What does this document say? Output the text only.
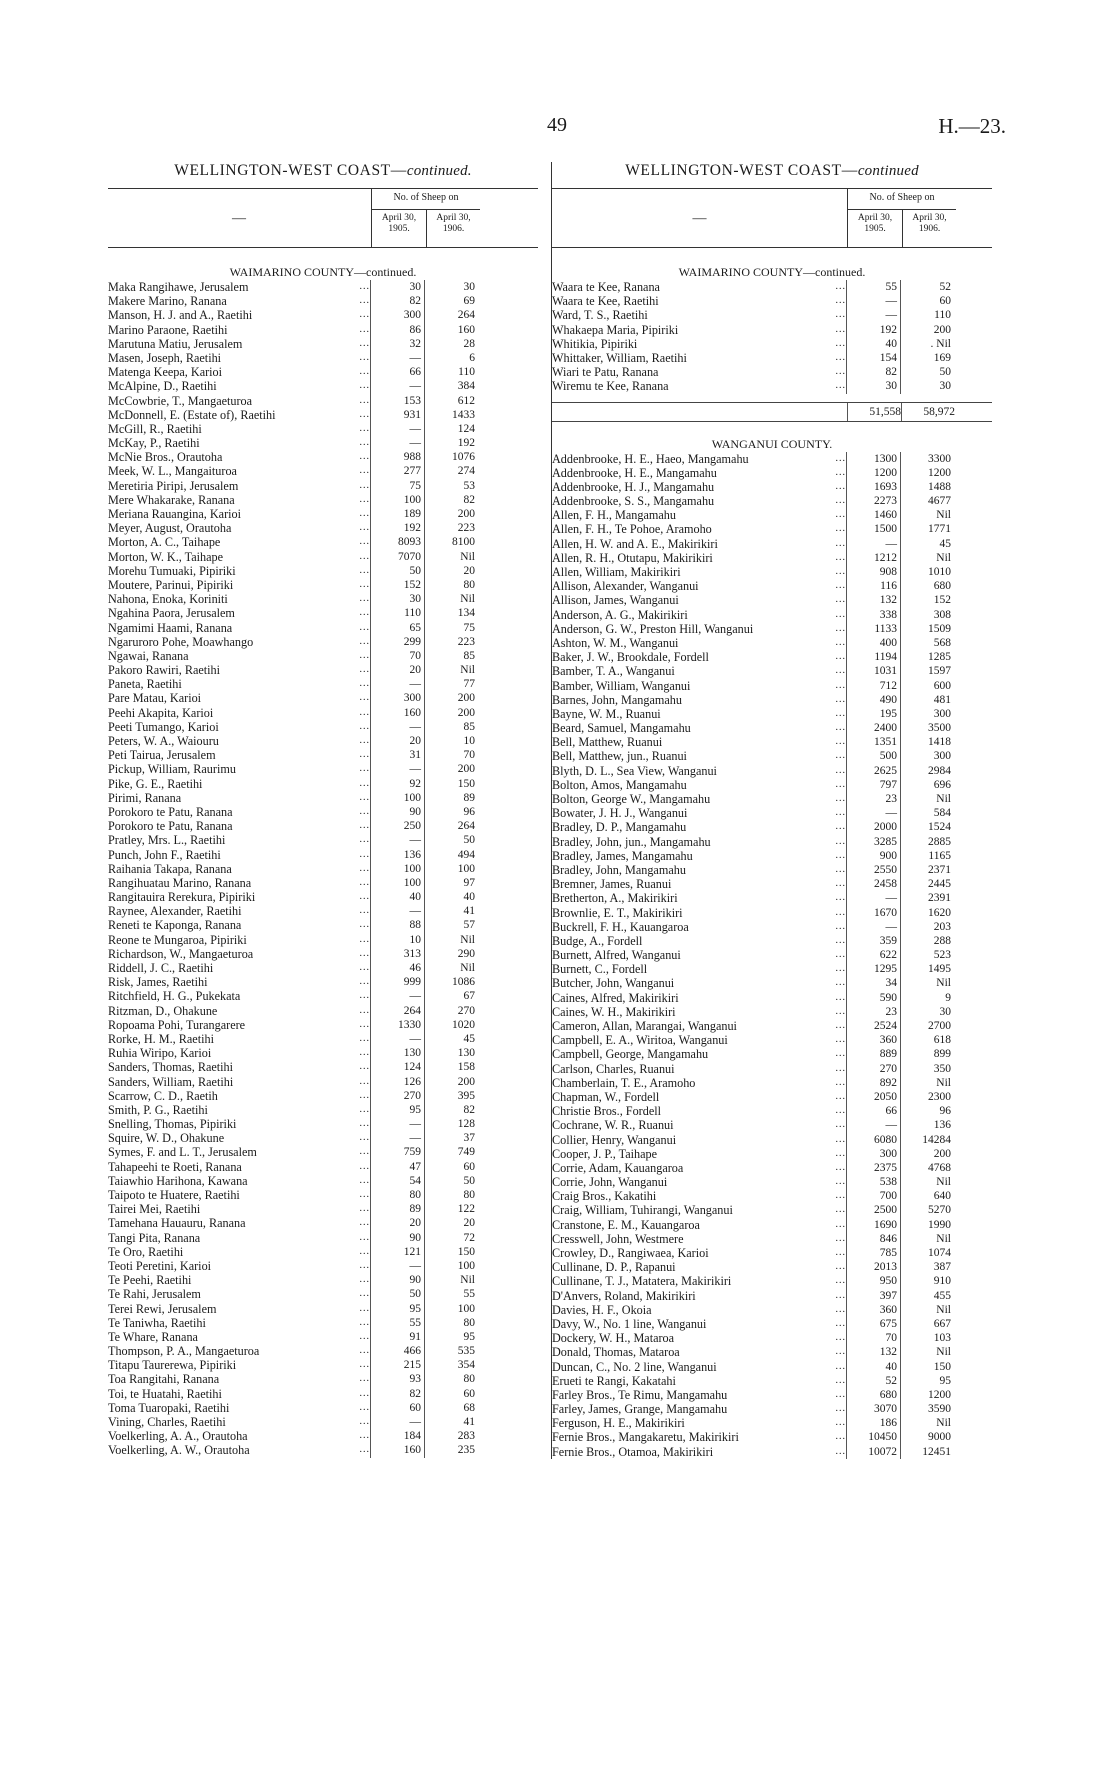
49	H.—23.
WELLINGTON-WEST COAST—continued.
—
No. of Sheep on
April 30, 1905.
April 30, 1906.
WAIMARINO COUNTY—continued.
Maka Rangihawe, Jerusalem	...	30	30
Makere Marino, Ranana	...	82	69
Manson, H. J. and A., Raetihi	...	300	264
Marino Paraone, Raetihi	...	86	160
Marutuna Matiu, Jerusalem	...	32	28
Masen, Joseph, Raetihi	...	—	6
Matenga Keepa, Karioi	...	66	110
McAlpine, D., Raetihi	...	—	384
McCowbrie, T., Mangaeturoa	...	153	612
McDonnell, E. (Estate of), Raetihi	...	931	1433
McGill, R., Raetihi	...	—	124
McKay, P., Raetihi	...	—	192
McNie Bros., Orautoha	...	988	1076
Meek, W. L., Mangaituroa	...	277	274
Meretiria Piripi, Jerusalem	...	75	53
Mere Whakarake, Ranana	...	100	82
Meriana Rauangina, Karioi	...	189	200
Meyer, August, Orautoha	...	192	223
Morton, A. C., Taihape	...	8093	8100
Morton, W. K., Taihape	...	7070	Nil
Morehu Tumuaki, Pipiriki	...	50	20
Moutere, Parinui, Pipiriki	...	152	80
Nahona, Enoka, Koriniti	...	30	Nil
Ngahina Paora, Jerusalem	...	110	134
Ngamimi Haami, Ranana	...	65	75
Ngaruroro Pohe, Moawhango	...	299	223
Ngawai, Ranana	...	70	85
Pakoro Rawiri, Raetihi	...	20	Nil
Paneta, Raetihi	...	—	77
Pare Matau, Karioi	...	300	200
Peehi Akapita, Karioi	...	160	200
Peeti Tumango, Karioi	...	—	85
Peters, W. A., Waiouru	...	20	10
Peti Tairua, Jerusalem	...	31	70
Pickup, William, Raurimu	...	—	200
Pike, G. E., Raetihi	...	92	150
Pirimi, Ranana	...	100	89
Porokoro te Patu, Ranana	...	90	96
Porokoro te Patu, Ranana	...	250	264
Pratley, Mrs. L., Raetihi	...	—	50
Punch, John F., Raetihi	...	136	494
Raihania Takapa, Ranana	...	100	100
Rangihuatau Marino, Ranana	...	100	97
Rangitauira Rerekura, Pipiriki	...	40	40
Raynee, Alexander, Raetihi	...	—	41
Reneti te Kaponga, Ranana	...	88	57
Reone te Mungaroa, Pipiriki	...	10	Nil
Richardson, W., Mangaeturoa	...	313	290
Riddell, J. C., Raetihi	...	46	Nil
Risk, James, Raetihi	...	999	1086
Ritchfield, H. G., Pukekata	...	—	67
Ritzman, D., Ohakune	...	264	270
Ropoama Pohi, Turangarere	...	1330	1020
Rorke, H. M., Raetihi	...	—	45
Ruhia Wiripo, Karioi	...	130	130
Sanders, Thomas, Raetihi	...	124	158
Sanders, William, Raetihi	...	126	200
Scarrow, C. D., Raetih	...	270	395
Smith, P. G., Raetihi	...	95	82
Snelling, Thomas, Pipiriki	...	—	128
Squire, W. D., Ohakune	...	—	37
Symes, F. and L. T., Jerusalem	...	759	749
Tahapeehi te Roeti, Ranana	...	47	60
Taiawhio Harihona, Kawana	...	54	50
Taipoto te Huatere, Raetihi	...	80	80
Tairei Mei, Raetihi	...	89	122
Tamehana Hauauru, Ranana	...	20	20
Tangi Pita, Ranana	...	90	72
Te Oro, Raetihi	...	121	150
Teoti Peretini, Karioi	...	—	100
Te Peehi, Raetihi	...	90	Nil
Te Rahi, Jerusalem	...	50	55
Terei Rewi, Jerusalem	...	95	100
Te Taniwha, Raetihi	...	55	80
Te Whare, Ranana	...	91	95
Thompson, P. A., Mangaeturoa	...	466	535
Titapu Taurerewa, Pipiriki	...	215	354
Toa Rangitahi, Ranana	...	93	80
Toi, te Huatahi, Raetihi	...	82	60
Toma Tuaropaki, Raetihi	...	60	68
Vining, Charles, Raetihi	...	—	41
Voelkerling, A. A., Orautoha	...	184	283
Voelkerling, A. W., Orautoha	...	160	235
WELLINGTON-WEST COAST—continued
—
No. of Sheep on
April 30, 1905.
April 30, 1906.
WAIMARINO COUNTY—continued.
Waara te Kee, Ranana	...	55	52
Waara te Kee, Raetihi	...	—	60
Ward, T. S., Raetihi	...	—	110
Whakaepa Maria, Pipiriki	...	192	200
Whitikia, Pipiriki	...	40	. Nil
Whittaker, William, Raetihi	...	154	169
Wiari te Patu, Ranana	...	82	50
Wiremu te Kee, Ranana	...	30	30
51,558	58,972
WANGANUI COUNTY.
Addenbrooke, H. E., Haeo, Mangamahu	...	1300	3300
Addenbrooke, H. E., Mangamahu	...	1200	1200
Addenbrooke, H. J., Mangamahu	...	1693	1488
Addenbrooke, S. S., Mangamahu	...	2273	4677
Allen, F. H., Mangamahu	...	1460	Nil
Allen, F. H., Te Pohoe, Aramoho	...	1500	1771
Allen, H. W. and A. E., Makirikiri	...	—	45
Allen, R. H., Otutapu, Makirikiri	...	1212	Nil
Allen, William, Makirikiri	...	908	1010
Allison, Alexander, Wanganui	...	116	680
Allison, James, Wanganui	...	132	152
Anderson, A. G., Makirikiri	...	338	308
Anderson, G. W., Preston Hill, Wanganui	...	1133	1509
Ashton, W. M., Wanganui	...	400	568
Baker, J. W., Brookdale, Fordell	...	1194	1285
Bamber, T. A., Wanganui	...	1031	1597
Bamber, William, Wanganui	...	712	600
Barnes, John, Mangamahu	...	490	481
Bayne, W. M., Ruanui	...	195	300
Beard, Samuel, Mangamahu	...	2400	3500
Bell, Matthew, Ruanui	...	1351	1418
Bell, Matthew, jun., Ruanui	...	500	300
Blyth, D. L., Sea View, Wanganui	...	2625	2984
Bolton, Amos, Mangamahu	...	797	696
Bolton, George W., Mangamahu	...	23	Nil
Bowater, J. H. J., Wanganui	...	—	584
Bradley, D. P., Mangamahu	...	2000	1524
Bradley, John, jun., Mangamahu	...	3285	2885
Bradley, James, Mangamahu	...	900	1165
Bradley, John, Mangamahu	...	2550	2371
Bremner, James, Ruanui	...	2458	2445
Bretherton, A., Makirikiri	...	—	2391
Brownlie, E. T., Makirikiri	...	1670	1620
Buckrell, F. H., Kauangaroa	...	—	203
Budge, A., Fordell	...	359	288
Burnett, Alfred, Wanganui	...	622	523
Burnett, C., Fordell	...	1295	1495
Butcher, John, Wanganui	...	34	Nil
Caines, Alfred, Makirikiri	...	590	9
Caines, W. H., Makirikiri	...	23	30
Cameron, Allan, Marangai, Wanganui	...	2524	2700
Campbell, E. A., Wiritoa, Wanganui	...	360	618
Campbell, George, Mangamahu	...	889	899
Carlson, Charles, Ruanui	...	270	350
Chamberlain, T. E., Aramoho	...	892	Nil
Chapman, W., Fordell	...	2050	2300
Christie Bros., Fordell	...	66	96
Cochrane, W. R., Ruanui	...	—	136
Collier, Henry, Wanganui	...	6080	14284
Cooper, J. P., Taihape	...	300	200
Corrie, Adam, Kauangaroa	...	2375	4768
Corrie, John, Wanganui	...	538	Nil
Craig Bros., Kakatihi	...	700	640
Craig, William, Tuhirangi, Wanganui	...	2500	5270
Cranstone, E. M., Kauangaroa	...	1690	1990
Cresswell, John, Westmere	...	846	Nil
Crowley, D., Rangiwaea, Karioi	...	785	1074
Cullinane, D. P., Rapanui	...	2013	387
Cullinane, T. J., Matatera, Makirikiri	...	950	910
D'Anvers, Roland, Makirikiri	...	397	455
Davies, H. F., Okoia	...	360	Nil
Davy, W., No. 1 line, Wanganui	...	675	667
Dockery, W. H., Mataroa	...	70	103
Donald, Thomas, Mataroa	...	132	Nil
Duncan, C., No. 2 line, Wanganui	...	40	150
Erueti te Rangi, Kakatahi	...	52	95
Farley Bros., Te Rimu, Mangamahu	...	680	1200
Farley, James, Grange, Mangamahu	...	3070	3590
Ferguson, H. E., Makirikiri	...	186	Nil
Fernie Bros., Mangakaretu, Makirikiri	...	10450	9000
Fernie Bros., Otamoa, Makirikiri	...	10072	12451
